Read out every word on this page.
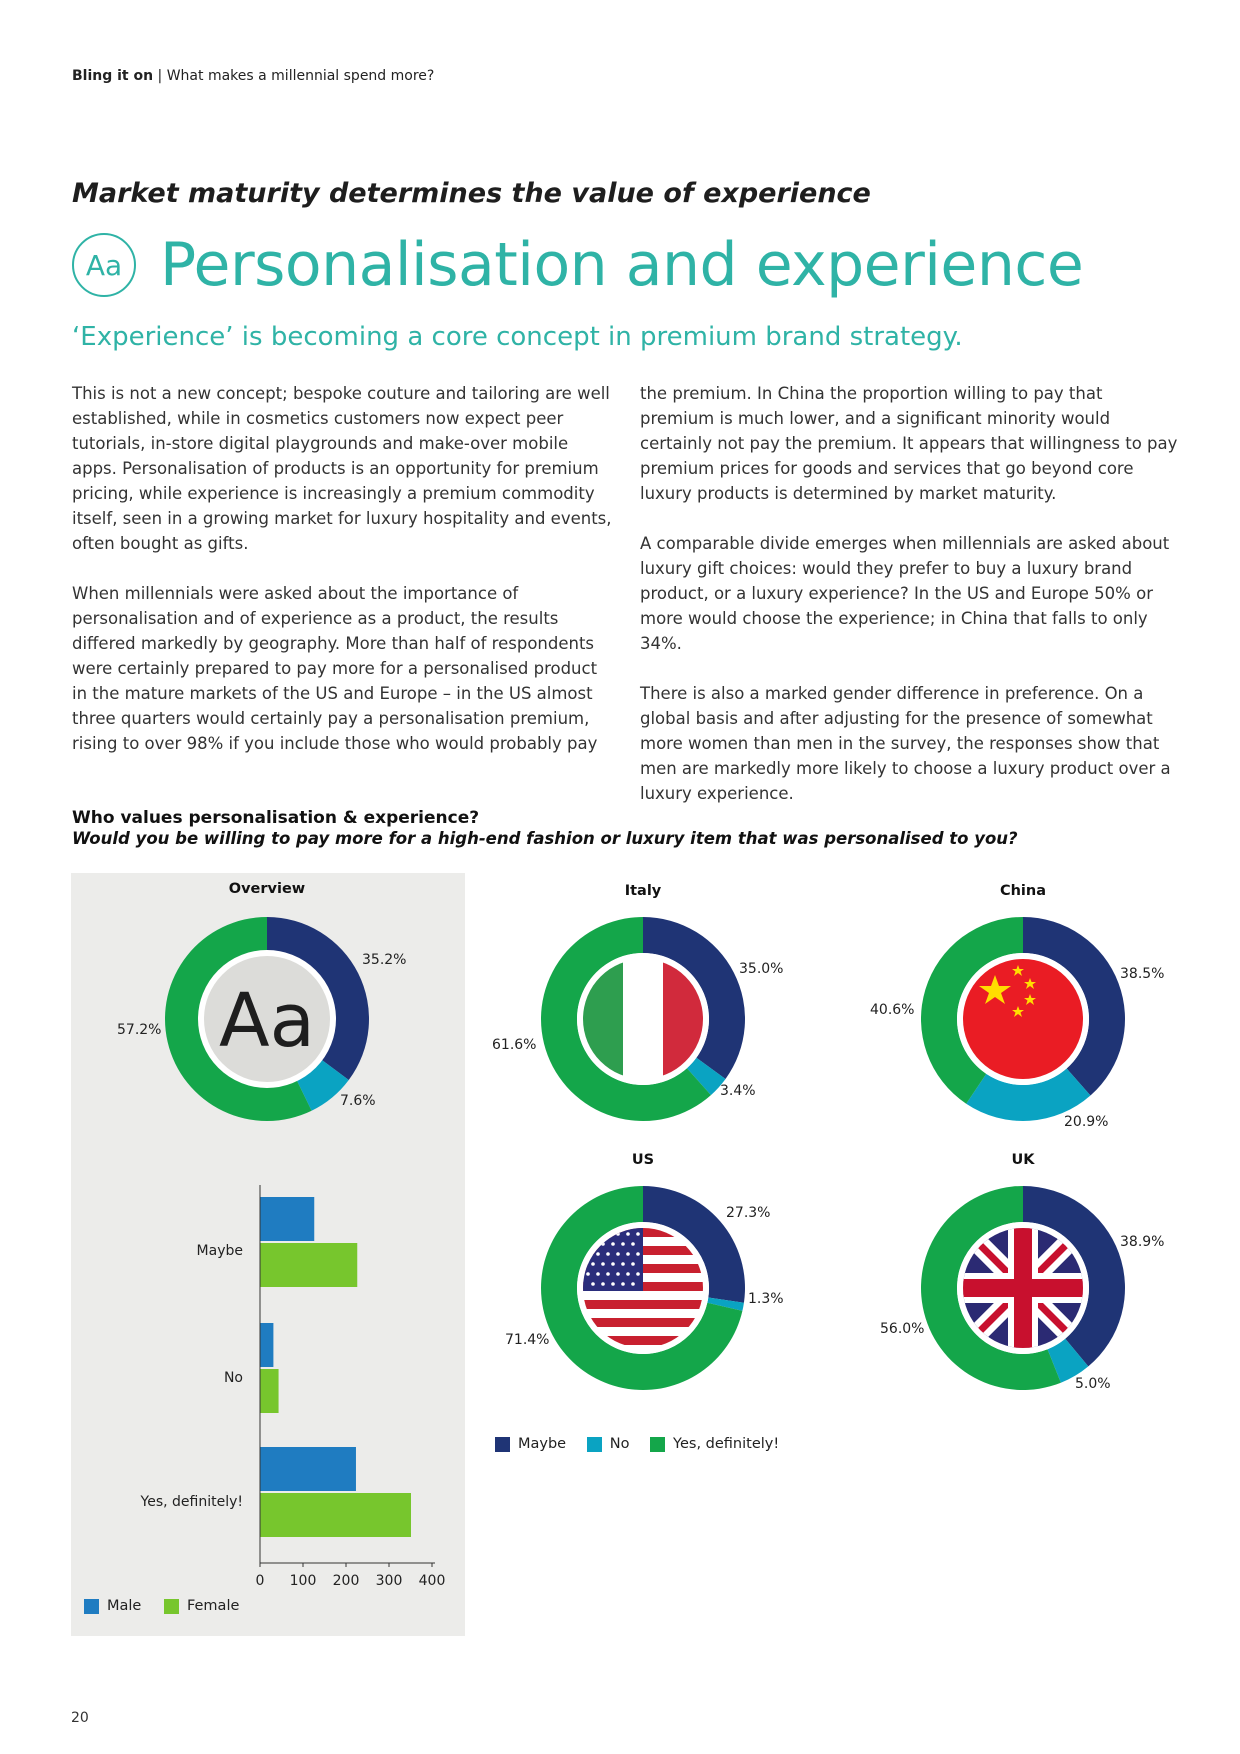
Bling it on | What makes a millennial spend more?
Market maturity determines the value of experience
Aa Personalisation and experience
‘Experience’ is becoming a core concept in premium brand strategy.

This is not a new concept; bespoke couture and tailoring are well established, while in cosmetics customers now expect peer tutorials, in-store digital playgrounds and make-over mobile apps. Personalisation of products is an opportunity for premium pricing, while experience is increasingly a premium commodity itself, seen in a growing market for luxury hospitality and events, often bought as gifts.

When millennials were asked about the importance of personalisation and of experience as a product, the results differed markedly by geography. More than half of respondents were certainly prepared to pay more for a personalised product in the mature markets of the US and Europe – in the US almost three quarters would certainly pay a personalisation premium, rising to over 98% if you include those who would probably pay

the premium. In China the proportion willing to pay that premium is much lower, and a significant minority would certainly not pay the premium. It appears that willingness to pay premium prices for goods and services that go beyond core luxury products is determined by market maturity.

A comparable divide emerges when millennials are asked about luxury gift choices: would they prefer to buy a luxury brand product, or a luxury experience? In the US and Europe 50% or more would choose the experience; in China that falls to only 34%.

There is also a marked gender difference in preference. On a global basis and after adjusting for the presence of somewhat more women than men in the survey, the responses show that men are markedly more likely to choose a luxury product over a luxury experience.

Who values personalisation & experience?
Would you be willing to pay more for a high-end fashion or luxury item that was personalised to you?
Overview	Italy	China
US	UK
Aa
35.2%
7.6%
57.2%
35.0%
3.4%
61.6%
38.5%
20.9%
40.6%
27.3%
1.3%
71.4%
38.9%
5.0%
56.0%
Maybe
No
Yes, definitely!
0 100 200 300 400
Male	Female
Maybe	No	Yes, definitely!
20
